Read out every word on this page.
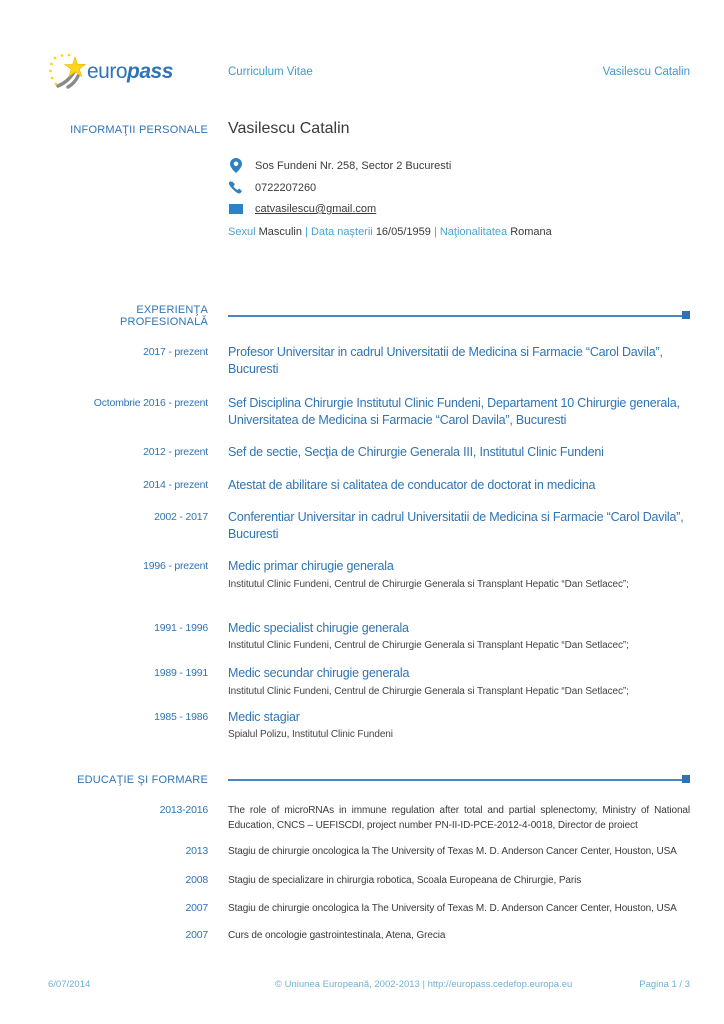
euro pass	Curriculum Vitae	Vasilescu Catalin
INFORMAŢII PERSONALE Vasilescu Catalin
Sos Fundeni Nr. 258, Sector 2 Bucuresti
0722207260
catvasilescu@gmail.com
Sexul Masculin | Data naşterii 16/05/1959 | Naţionalitatea Romana
EXPERIENŢA PROFESIONALĂ
2017 - prezent Profesor Universitar in cadrul Universitatii de Medicina si Farmacie “Carol Davila”, Bucuresti
Octombrie 2016 - prezent Sef Disciplina Chirurgie Institutul Clinic Fundeni, Departament 10 Chirurgie generala, Universitatea de Medicina si Farmacie “Carol Davila”, Bucuresti
2012 - prezent Sef de sectie, Secţia de Chirurgie Generala III, Institutul Clinic Fundeni
2014 - prezent Atestat de abilitare si calitatea de conducator de doctorat in medicina
2002 - 2017 Conferentiar Universitar in cadrul Universitatii de Medicina si Farmacie “Carol Davila”, Bucuresti
1996 - prezent Medic primar chirugie generala
Institutul Clinic Fundeni, Centrul de Chirurgie Generala si Transplant Hepatic “Dan Setlacec”;
1991 - 1996 Medic specialist chirugie generala
Institutul Clinic Fundeni, Centrul de Chirurgie Generala si Transplant Hepatic “Dan Setlacec”;
1989 - 1991 Medic secundar chirugie generala
Institutul Clinic Fundeni, Centrul de Chirurgie Generala si Transplant Hepatic “Dan Setlacec”;
1985 - 1986 Medic stagiar
Spialul Polizu, Institutul Clinic Fundeni
EDUCAŢIE ŞI FORMARE
2013-2016 The role of microRNAs in immune regulation after total and partial splenectomy, Ministry of National Education, CNCS – UEFISCDI, project number PN-II-ID-PCE-2012-4-0018, Director de proiect
2013 Stagiu de chirurgie oncologica la The University of Texas M. D. Anderson Cancer Center, Houston, USA
2008 Stagiu de specializare in chirurgia robotica, Scoala Europeana de Chirurgie, Paris
2007 Stagiu de chirurgie oncologica la The University of Texas M. D. Anderson Cancer Center, Houston, USA
2007 Curs de oncologie gastrointestinala, Atena, Grecia
6/07/2014	© Uniunea Europeană, 2002-2013 | http://europass.cedefop.europa.eu	Pagina 1 / 3
